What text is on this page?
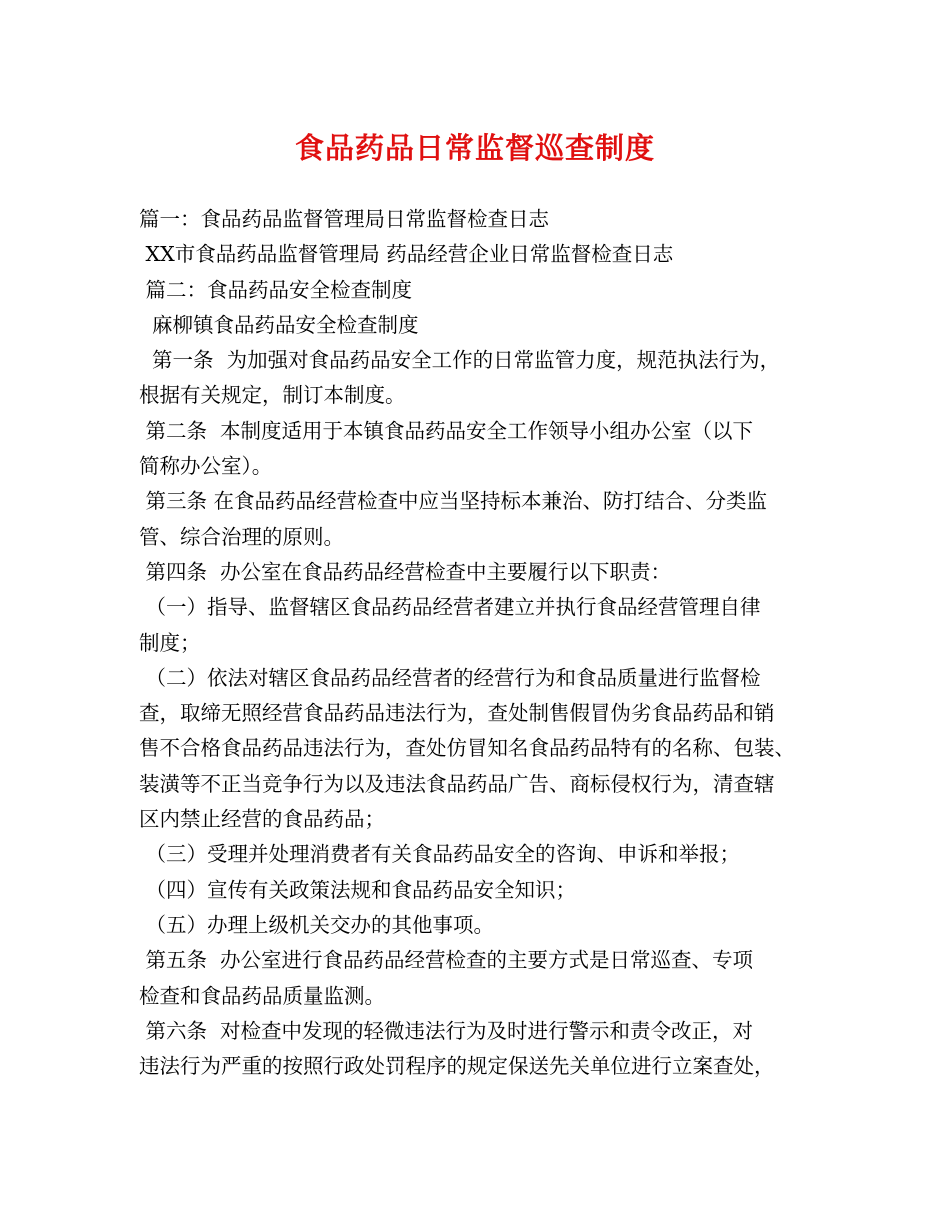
食品药品日常监督巡查制度
篇一：食品药品监督管理局日常监督检查日志
XX市食品药品监督管理局 药品经营企业日常监督检查日志
篇二：食品药品安全检查制度
麻柳镇食品药品安全检查制度
第一条  为加强对食品药品安全工作的日常监管力度，规范执法行为，
根据有关规定，制订本制度。
第二条  本制度适用于本镇食品药品安全工作领导小组办公室（以下
简称办公室）。
第三条 在食品药品经营检查中应当坚持标本兼治、防打结合、分类监
管、综合治理的原则。
第四条  办公室在食品药品经营检查中主要履行以下职责：
（一）指导、监督辖区食品药品经营者建立并执行食品经营管理自律
制度；
（二）依法对辖区食品药品经营者的经营行为和食品质量进行监督检
查，取缔无照经营食品药品违法行为，查处制售假冒伪劣食品药品和销
售不合格食品药品违法行为，查处仿冒知名食品药品特有的名称、包装、
装潢等不正当竞争行为以及违法食品药品广告、商标侵权行为，清查辖
区内禁止经营的食品药品；
（三）受理并处理消费者有关食品药品安全的咨询、申诉和举报；
（四）宣传有关政策法规和食品药品安全知识；
（五）办理上级机关交办的其他事项。
第五条  办公室进行食品药品经营检查的主要方式是日常巡查、专项
检查和食品药品质量监测。
第六条  对检查中发现的轻微违法行为及时进行警示和责令改正，对
违法行为严重的按照行政处罚程序的规定保送先关单位进行立案查处，
